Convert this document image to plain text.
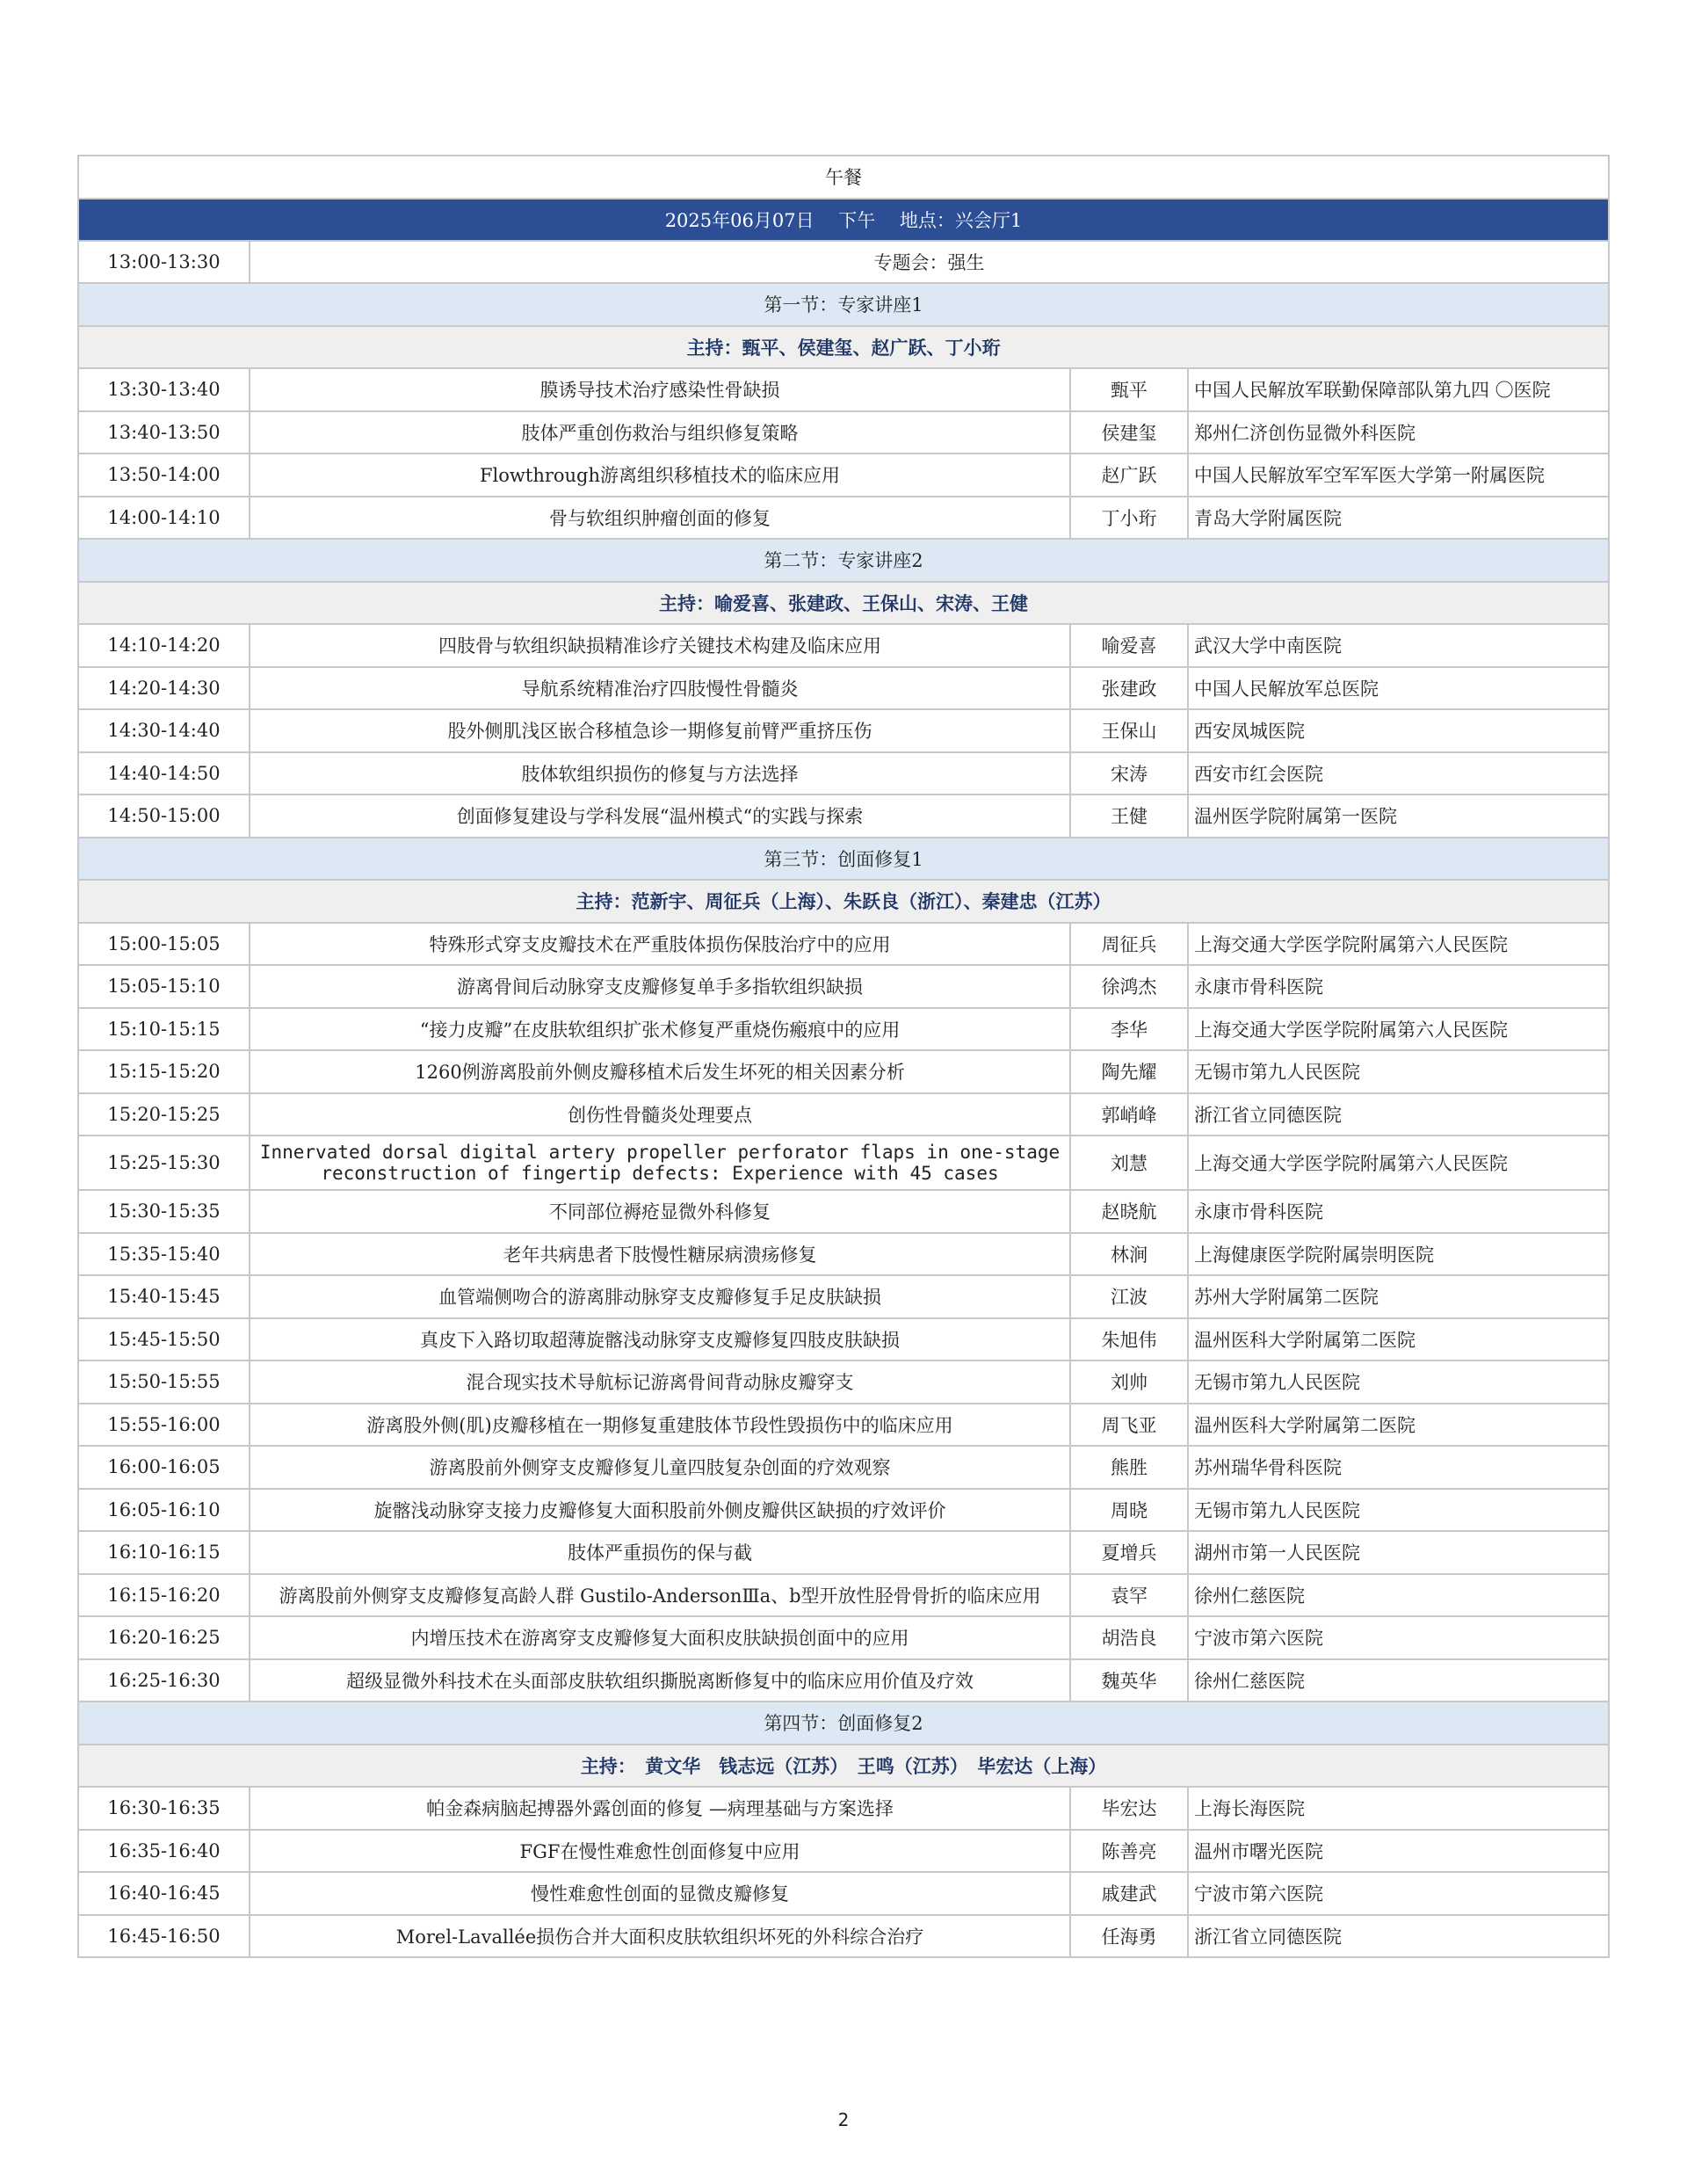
午餐			
2025年06月07日　 下午　 地点：兴会厅1			
13:00-13:30	专题会：强生		
第一节：专家讲座1			
主持：甄平、侯建玺、赵广跃、丁小珩			
13:30-13:40	膜诱导技术治疗感染性骨缺损	甄平	中国人民解放军联勤保障部队第九四 〇医院
13:40-13:50	肢体严重创伤救治与组织修复策略	侯建玺	郑州仁济创伤显微外科医院
13:50-14:00	Flowthrough游离组织移植技术的临床应用	赵广跃	中国人民解放军空军军医大学第一附属医院
14:00-14:10	骨与软组织肿瘤创面的修复	丁小珩	青岛大学附属医院
第二节：专家讲座2			
主持：喻爱喜、张建政、王保山、宋涛、王健			
14:10-14:20	四肢骨与软组织缺损精准诊疗关键技术构建及临床应用	喻爱喜	武汉大学中南医院
14:20-14:30	导航系统精准治疗四肢慢性骨髓炎	张建政	中国人民解放军总医院
14:30-14:40	股外侧肌浅区嵌合移植急诊一期修复前臂严重挤压伤	王保山	西安凤城医院
14:40-14:50	肢体软组织损伤的修复与方法选择	宋涛	西安市红会医院
14:50-15:00	创面修复建设与学科发展“温州模式“的实践与探索	王健	温州医学院附属第一医院
第三节：创面修复1			
主持：范新宇、周征兵（上海）、朱跃良（浙江）、秦建忠（江苏）			
15:00-15:05	特殊形式穿支皮瓣技术在严重肢体损伤保肢治疗中的应用	周征兵	上海交通大学医学院附属第六人民医院
15:05-15:10	游离骨间后动脉穿支皮瓣修复单手多指软组织缺损	徐鸿杰	永康市骨科医院
15:10-15:15	“接力皮瓣”在皮肤软组织扩张术修复严重烧伤瘢痕中的应用	李华	上海交通大学医学院附属第六人民医院
15:15-15:20	1260例游离股前外侧皮瓣移植术后发生坏死的相关因素分析	陶先耀	无锡市第九人民医院
15:20-15:25	创伤性骨髓炎处理要点	郭峭峰	浙江省立同德医院
15:25-15:30	Innervated dorsal digital artery propeller perforator flaps in one-stage reconstruction of fingertip defects: Experience with 45 cases	刘慧	上海交通大学医学院附属第六人民医院
15:30-15:35	不同部位褥疮显微外科修复	赵晓航	永康市骨科医院
15:35-15:40	老年共病患者下肢慢性糖尿病溃疡修复	林涧	上海健康医学院附属崇明医院
15:40-15:45	血管端侧吻合的游离腓动脉穿支皮瓣修复手足皮肤缺损	江波	苏州大学附属第二医院
15:45-15:50	真皮下入路切取超薄旋髂浅动脉穿支皮瓣修复四肢皮肤缺损	朱旭伟	温州医科大学附属第二医院
15:50-15:55	混合现实技术导航标记游离骨间背动脉皮瓣穿支	刘帅	无锡市第九人民医院
15:55-16:00	游离股外侧(肌)皮瓣移植在一期修复重建肢体节段性毁损伤中的临床应用	周飞亚	温州医科大学附属第二医院
16:00-16:05	游离股前外侧穿支皮瓣修复儿童四肢复杂创面的疗效观察	熊胜	苏州瑞华骨科医院
16:05-16:10	旋髂浅动脉穿支接力皮瓣修复大面积股前外侧皮瓣供区缺损的疗效评价	周晓	无锡市第九人民医院
16:10-16:15	肢体严重损伤的保与截	夏增兵	湖州市第一人民医院
16:15-16:20	游离股前外侧穿支皮瓣修复高龄人群 Gustilo-AndersonⅢa、b型开放性胫骨骨折的临床应用	袁罕	徐州仁慈医院
16:20-16:25	内增压技术在游离穿支皮瓣修复大面积皮肤缺损创面中的应用	胡浩良	宁波市第六医院
16:25-16:30	超级显微外科技术在头面部皮肤软组织撕脱离断修复中的临床应用价值及疗效	魏英华	徐州仁慈医院
第四节：创面修复2			
主持：　黄文华　钱志远（江苏）　王鸣（江苏）　毕宏达（上海）			
16:30-16:35	帕金森病脑起搏器外露创面的修复 —病理基础与方案选择	毕宏达	上海长海医院
16:35-16:40	FGF在慢性难愈性创面修复中应用	陈善亮	温州市曙光医院
16:40-16:45	慢性难愈性创面的显微皮瓣修复	戚建武	宁波市第六医院
16:45-16:50	Morel-Lavallée损伤合并大面积皮肤软组织坏死的外科综合治疗	任海勇	浙江省立同德医院
2
